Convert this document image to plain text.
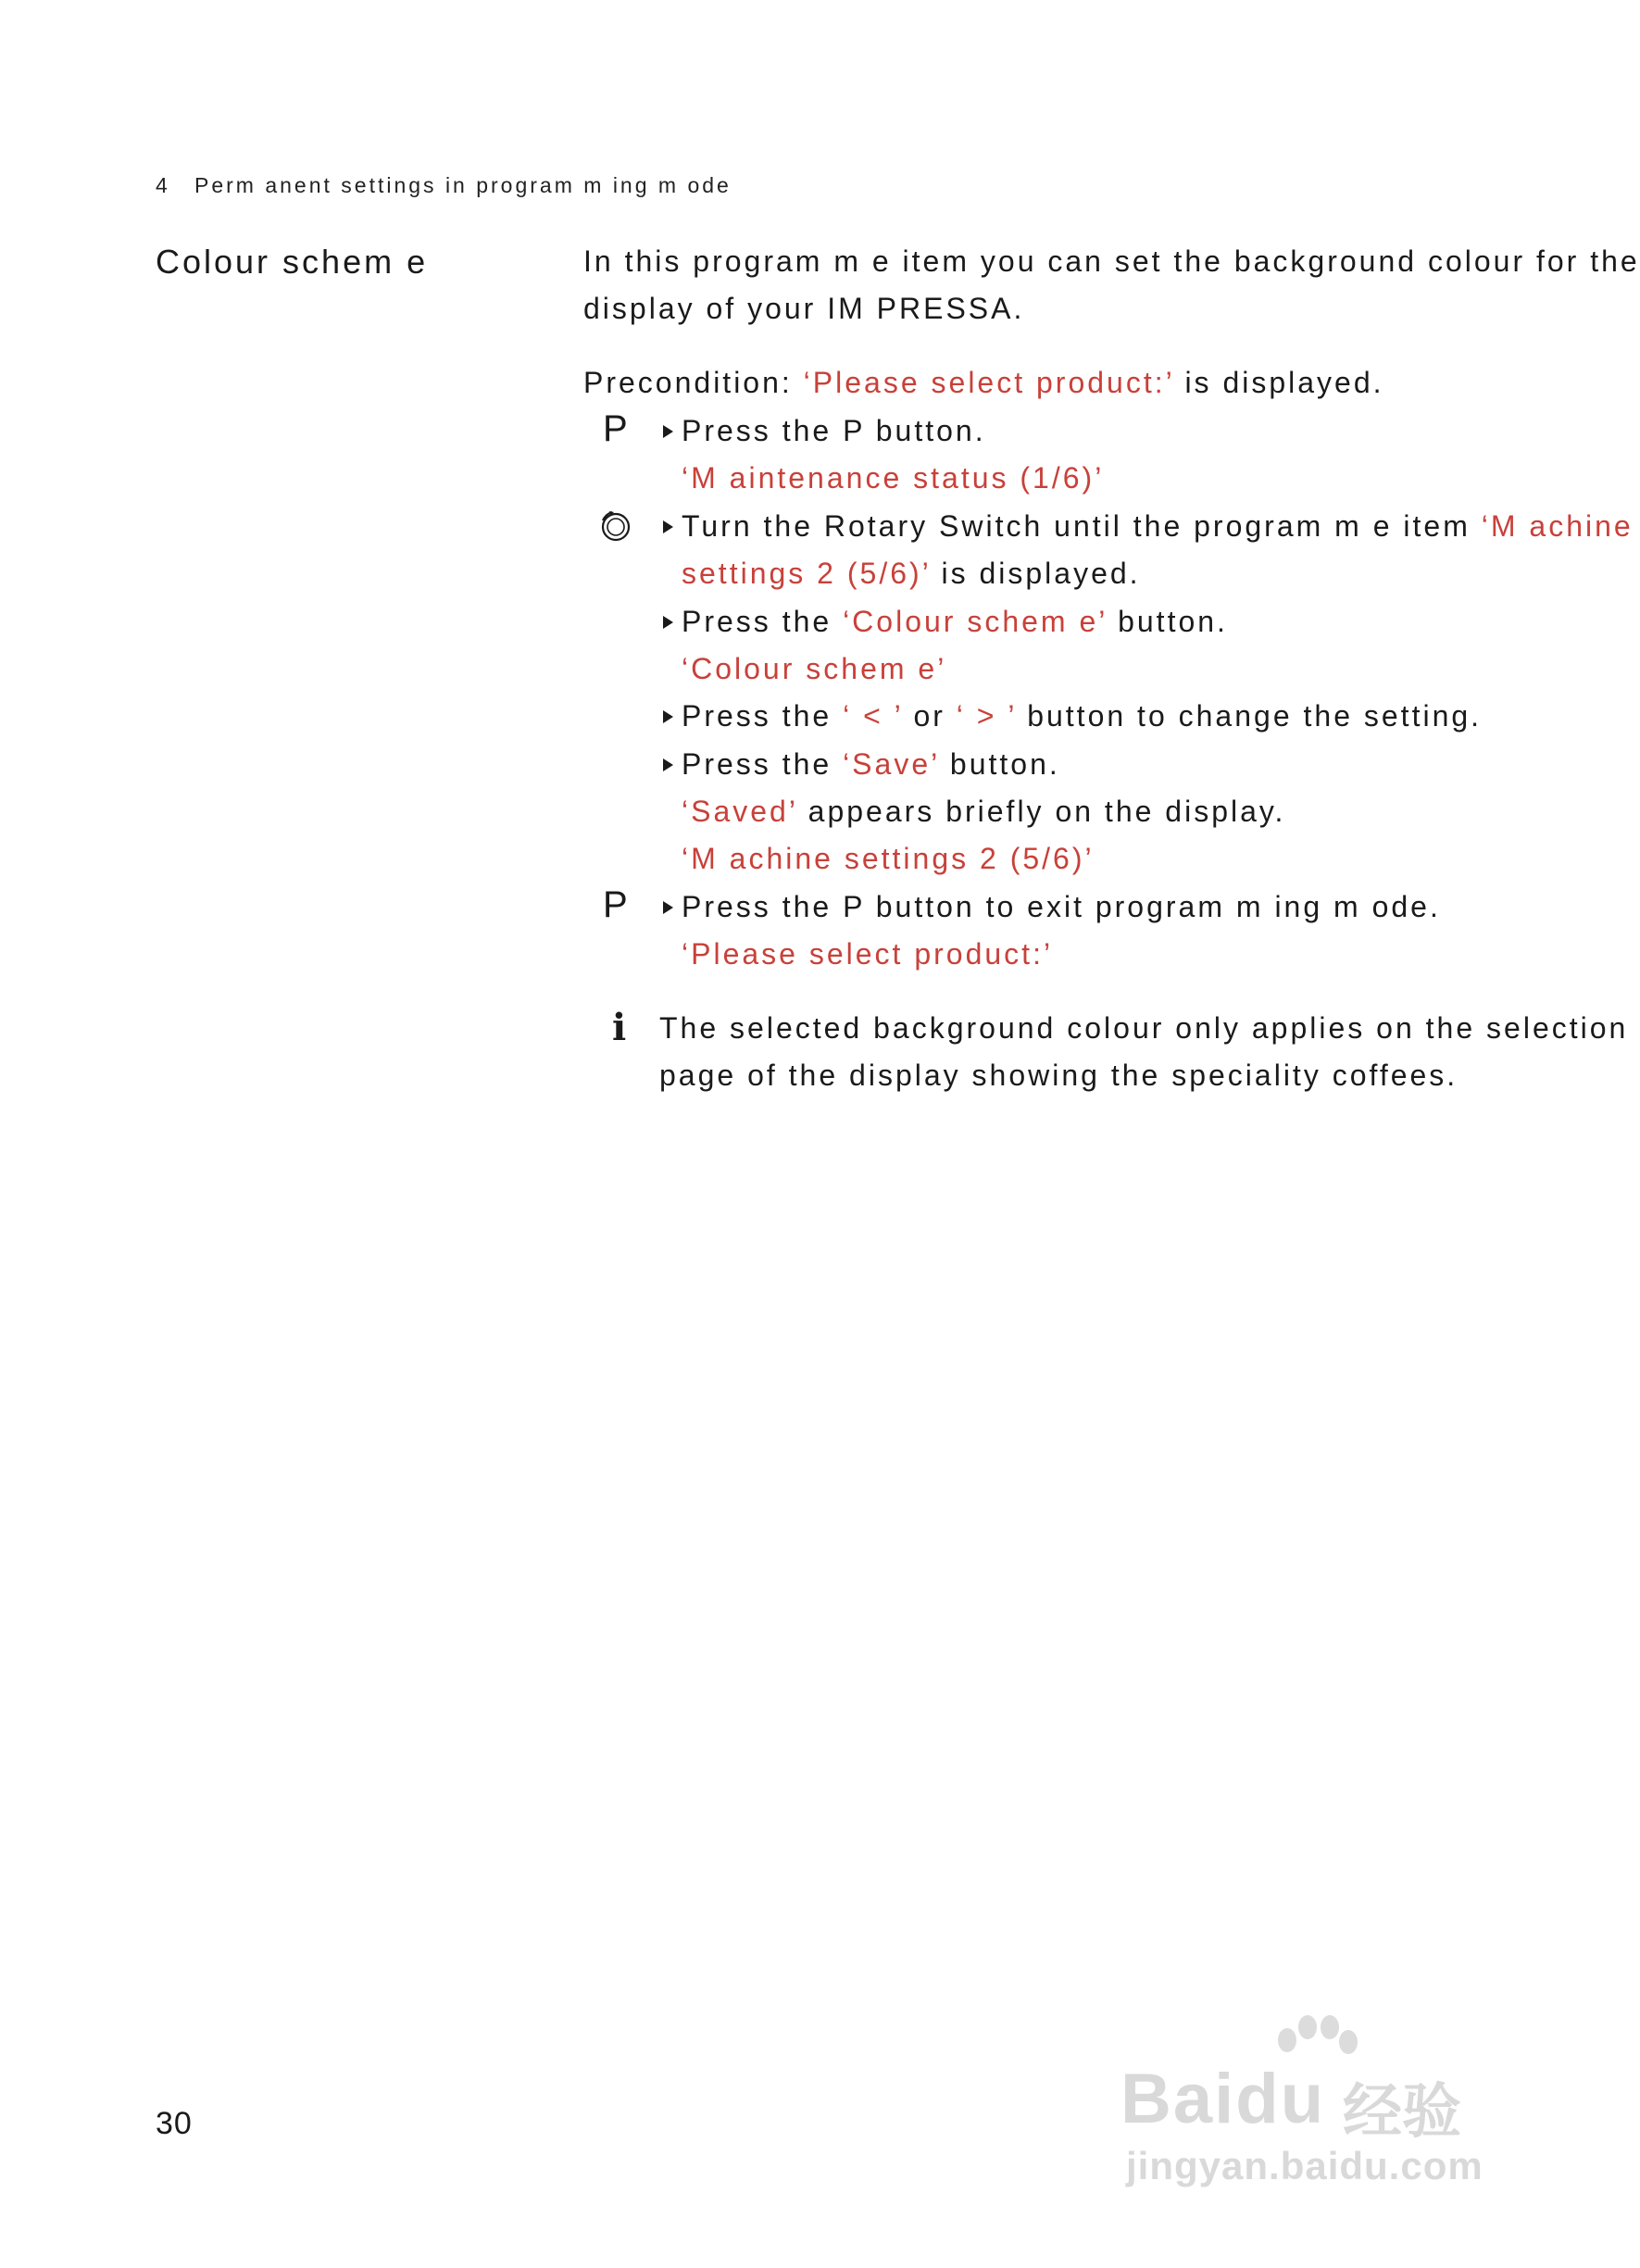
4 Perm anent settings in program m ing m ode
Colour schem e	In this program m e item you can set the background colour for the
display of your IM PRESSA.
Precondition: ‘Please select product:’ is displayed.
P	Press the P button.
‘M aintenance status (1/6)’
Turn the Rotary Switch until the program m e item ‘M achine
settings 2 (5/6)’ is displayed.
Press the ‘Colour schem e’ button.
‘Colour schem e’
Press the ‘ < ’ or ‘ > ’ button to change the setting.
Press the ‘Save’ button.
‘Saved’ appears briefly on the display.
‘M achine settings 2 (5/6)’
P	Press the P button to exit program m ing m ode.
‘Please select product:’
i The selected background colour only applies on the selection
page of the display showing the speciality coffees.
30	Baidu 经验
jingyan.baidu.com
